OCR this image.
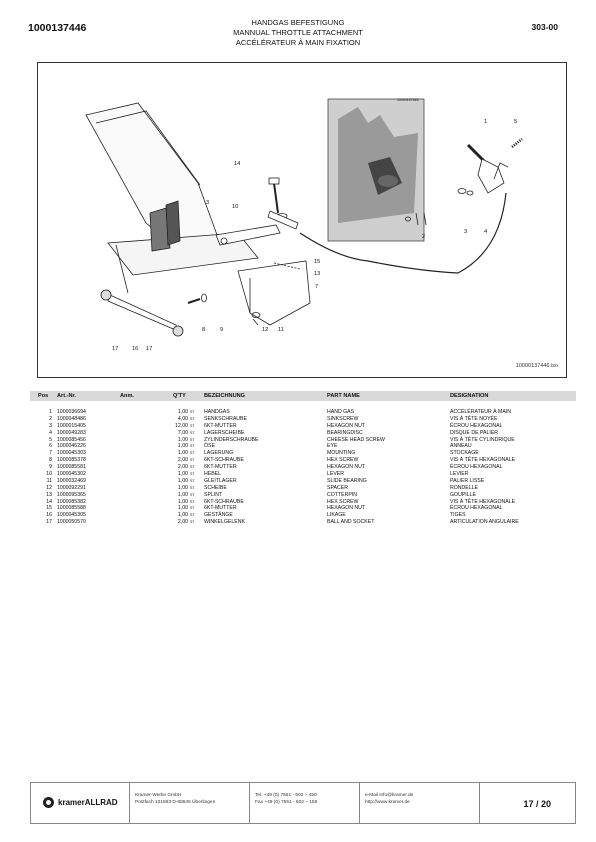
1000137446	HANDGAS BEFESTIGUNG
MANNUAL THROTTLE ATTACHMENT
ACCÉLÉRATEUR À MAIN FIXATION
303-00
1
2
3
3	4
5
7
8	9
10
11
12
13
14
15
16
17	17
10000137446
10000137446.iso
Pos Art.-Nr.	Anm.	Q'TY	BEZEICHNUNG	PART NAME	DESIGNATION
1 1000036694	1,00 ST HANDGAS	HAND GAS	ACCÉLÉRATEUR À MAIN
2 1000048486	4,00 ST SENKSCHRAUBE	SINKSCREW	VIS À TÊTE NOYÉE
3 1000015405	12,00 ST 6KT-MUTTER	HEXAGON NUT	ÉCROU HEXAGONAL
4 1000049283	7,00 ST LAGERSCHEIBE	BEARINGDISC	DISQUE DE PALIER
5 1000085456	1,00 ST ZYLINDERSCHRAUBE	CHEESE HEAD SCREW	VIS À TÊTE CYLINDRIQUE
6 1000046226	1,00 ST ÖSE	EYE	ANNEAU
7 1000045303	1,00 ST LAGERUNG	MOUNTING	STOCKAGE
8 1000085378	2,00 ST 6KT-SCHRAUBE	HEX SCREW	VIS À TÊTE HEXAGONALE
9 1000085581	2,00 ST 6KT-MUTTER	HEXAGON NUT	ÉCROU HEXAGONAL
10 1000045302	1,00 ST HEBEL	LEVER	LEVIER
11 1000032469	1,00 ST GLEITLAGER	SLIDE BEARING	PALIER LISSE
12 1000092291	1,00 ST SCHEIBE	SPACER	RONDELLE
13 1000095365	1,00 ST SPLINT	COTTERPIN	GOUPILLE
14 1000085382	1,00 ST 6KT-SCHRAUBE	HEX SCREW	VIS À TÊTE HEXAGONALE
15 1000085588	1,00 ST 6KT-MUTTER	HEXAGON NUT	ÉCROU HEXAGONAL
16 1000045305	1,00 ST GESTÄNGE	LIKAGE	TIGES
17 1000050570	2,00 ST WINKELGELENK	BALL AND SOCKET	ARTICULATION ANGULAIRE
kramerALLRAD
Kramer-Werke GmbH
Postfach 101563 D-88645 Überlingen
Tel. +49 (0) 7551 - 602 – 450
Fax +49 (0) 7551 - 602 – 156
e-Mail info@kramer.de
http://www.kramer.de	17 / 20
